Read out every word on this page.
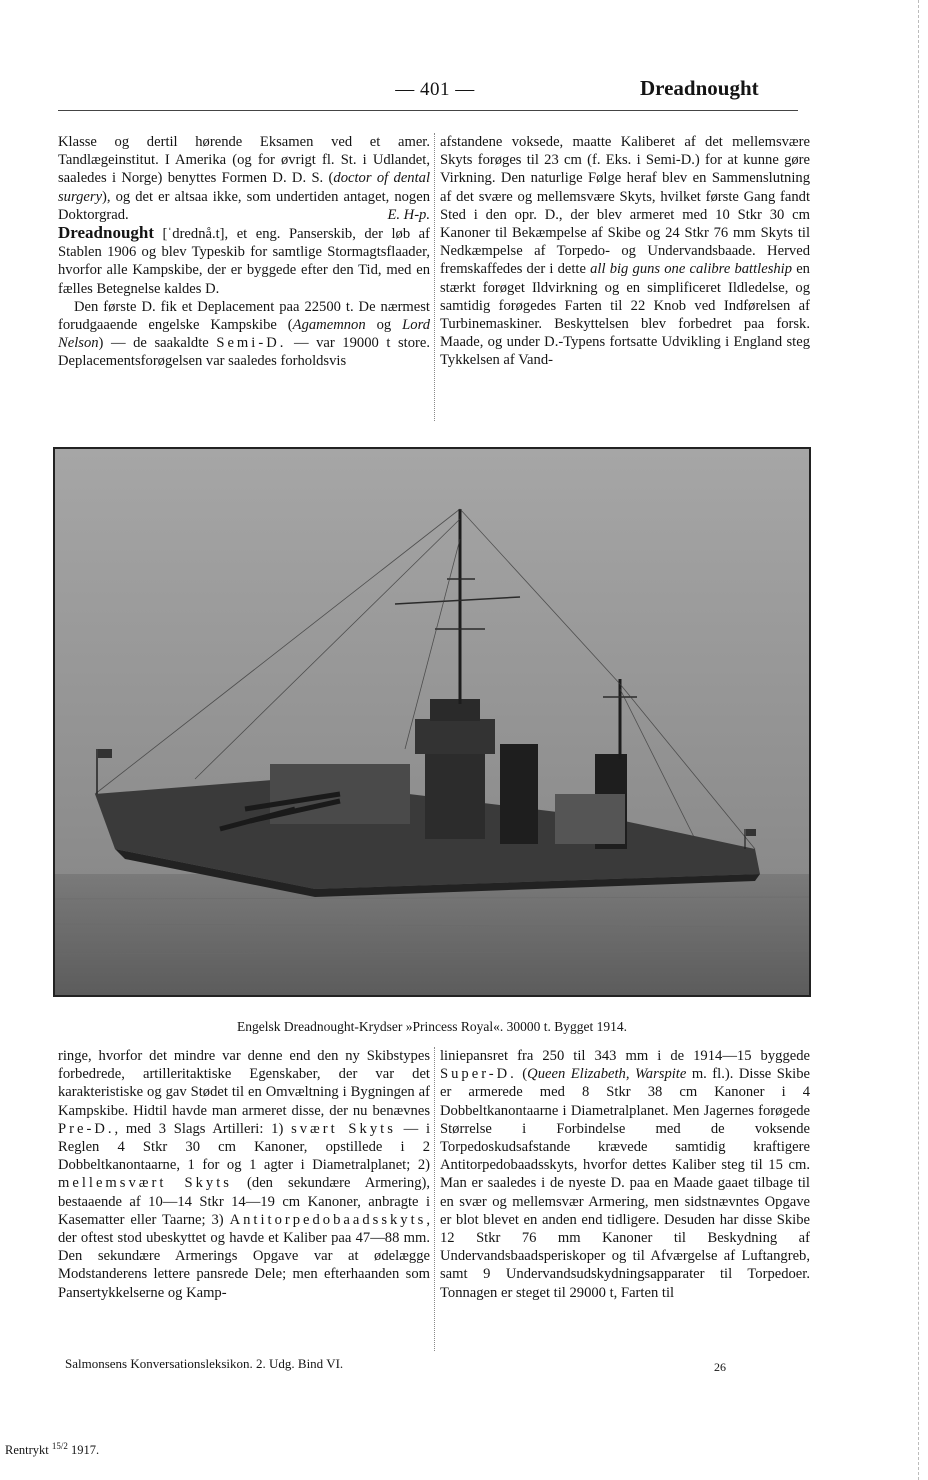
— 401 —	Dreadnought

Klasse og dertil hørende Eksamen ved et amer. Tandlægeinstitut. I Amerika (og for øvrigt fl. St. i Udlandet, saaledes i Norge) benyttes Formen D. D. S. (doctor of dental surgery), og det er altsaa ikke, som undertiden antaget, nogen Doktorgrad.	E. H-p.

Dreadnought [ˈdrednå.t], et eng. Panserskib, der løb af Stablen 1906 og blev Typeskib for samtlige Stormagtsflaader, hvorfor alle Kampskibe, der er byggede efter den Tid, med en fælles Betegnelse kaldes D.

Den første D. fik et Deplacement paa 22500 t. De nærmest forudgaaende engelske Kampskibe (Agamemnon og Lord Nelson) — de saakaldte Semi-D. — var 19000 t store. Deplacementsforøgelsen var saaledes forholdsvis

afstandene voksede, maatte Kaliberet af det mellemsvære Skyts forøges til 23 cm (f. Eks. i Semi-D.) for at kunne gøre Virkning. Den naturlige Følge heraf blev en Sammenslutning af det svære og mellemsvære Skyts, hvilket første Gang fandt Sted i den opr. D., der blev armeret med 10 Stkr 30 cm Kanoner til Bekæmpelse af Skibe og 24 Stkr 76 mm Skyts til Nedkæmpelse af Torpedo- og Undervandsbaade. Herved fremskaffedes der i dette all big guns one calibre battleship en stærkt forøget Ildvirkning og en simplificeret Ildledelse, og samtidig forøgedes Farten til 22 Knob ved Indførelsen af Turbinemaskiner. Beskyttelsen blev forbedret paa forsk. Maade, og under D.-Typens fortsatte Udvikling i England steg Tykkelsen af Vand-

Engelsk Dreadnought-Krydser »Princess Royal«. 30000 t. Bygget 1914.

ringe, hvorfor det mindre var denne end den ny Skibstypes forbedrede, artilleritaktiske Egenskaber, der var det karakteristiske og gav Stødet til en Omvæltning i Bygningen af Kampskibe. Hidtil havde man armeret disse, der nu benævnes Pre-D., med 3 Slags Artilleri: 1) svært Skyts — i Reglen 4 Stkr 30 cm Kanoner, opstillede i 2 Dobbeltkanontaarne, 1 for og 1 agter i Diametralplanet; 2) mellemsvært Skyts (den sekundære Armering), bestaaende af 10—14 Stkr 14—19 cm Kanoner, anbragte i Kasematter eller Taarne; 3) Antitorpedobaadsskyts, der oftest stod ubeskyttet og havde et Kaliber paa 47—88 mm. Den sekundære Armerings Opgave var at ødelægge Modstanderens lettere pansrede Dele; men efterhaanden som Pansertykkelserne og Kamp-

liniepansret fra 250 til 343 mm i de 1914—15 byggede Super-D. (Queen Elizabeth, Warspite m. fl.). Disse Skibe er armerede med 8 Stkr 38 cm Kanoner i 4 Dobbeltkanontaarne i Diametralplanet. Men Jagernes forøgede Størrelse i Forbindelse med de voksende Torpedoskudsafstande krævede samtidig kraftigere Antitorpedobaadsskyts, hvorfor dettes Kaliber steg til 15 cm. Man er saaledes i de nyeste D. paa en Maade gaaet tilbage til en svær og mellemsvær Armering, men sidstnævntes Opgave er blot blevet en anden end tidligere. Desuden har disse Skibe 12 Stkr 76 mm Kanoner til Beskydning af Undervandsbaadsperiskoper og til Afværgelse af Luftangreb, samt 9 Undervandsudskydningsapparater til Torpedoer. Tonnagen er steget til 29000 t, Farten til

Salmonsens Konversationsleksikon. 2. Udg. Bind VI.	26
Rentrykt $^{15/2}$ 1917.
